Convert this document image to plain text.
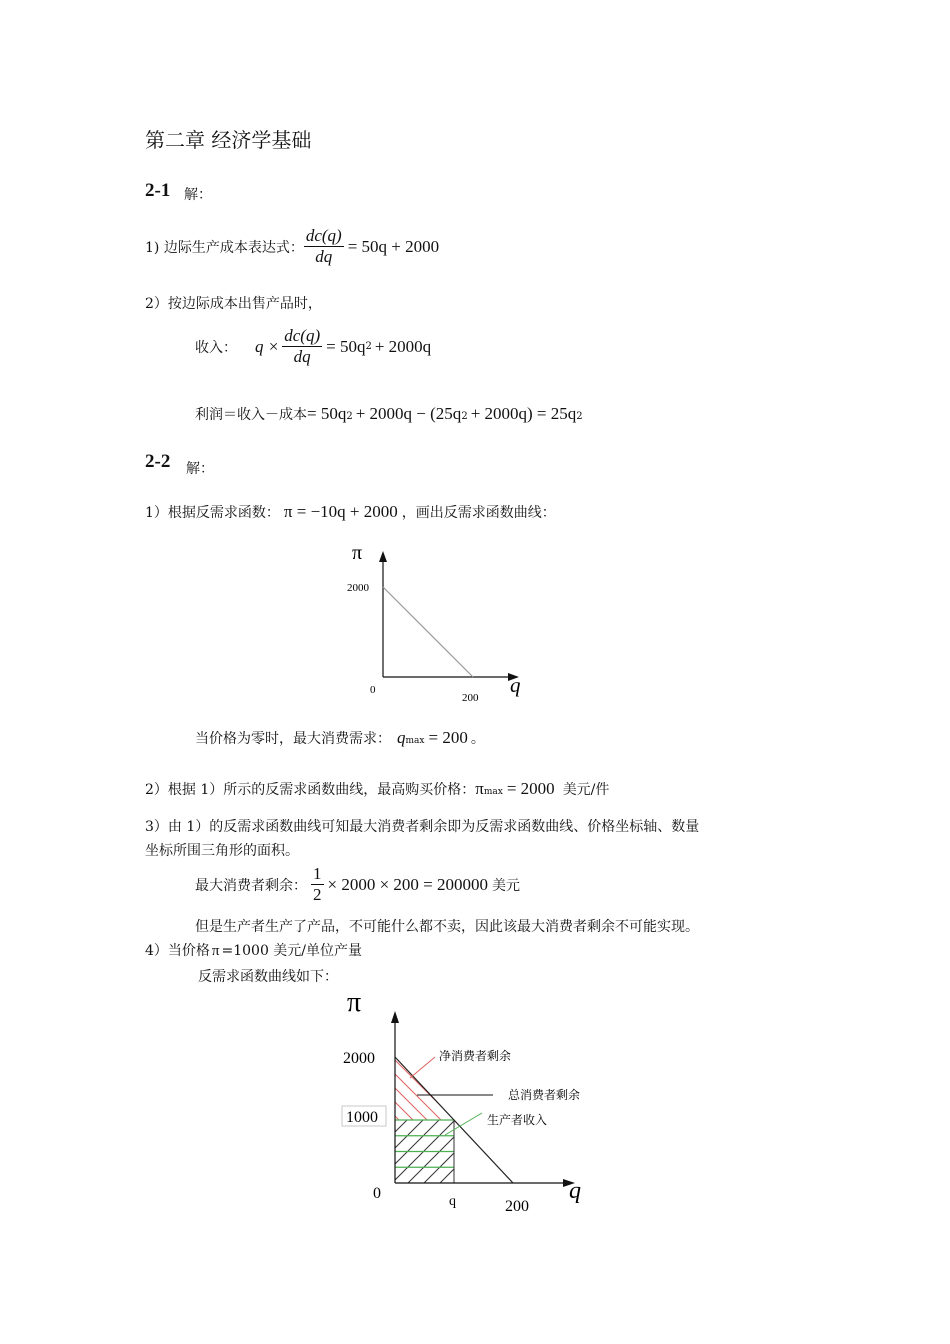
第二章 经济学基础
2-1 解：
1) 边际生产成本表达式： $\frac{dc(q)}{dq} = 50q + 2000$
2）按边际成本出售产品时，
收入： $q \times \frac{dc(q)}{dq} = 50q$ 2 + 2000q
利润＝收入－成本 = 50q 2 + 2000q − (25q 2 + 2000q) = 25q 2
2-2 解：
1）根据反需求函数： π = −10q + 2000 ，画出反需求函数曲线：
π
q
2000
0
200
当价格为零时，最大消费需求： q max = 200 。
2）根据 1）所示的反需求函数曲线，最高购买价格： π max = 2000 美元/件
3）由 1）的反需求函数曲线可知最大消费者剩余即为反需求函数曲线、价格坐标轴、数量
坐标所围三角形的面积。
最大消费者剩余： $\frac{1}{2} \times 2000 \times 200 = 200000$ 美元
但是生产者生产了产品，不可能什么都不卖，因此该最大消费者剩余不可能实现。
4）当价格 π =1000 美元/单位产量
反需求函数曲线如下：
净消费者剩余
总消费者剩余
生产者收入
π
q
2000
1000
0	q	200
